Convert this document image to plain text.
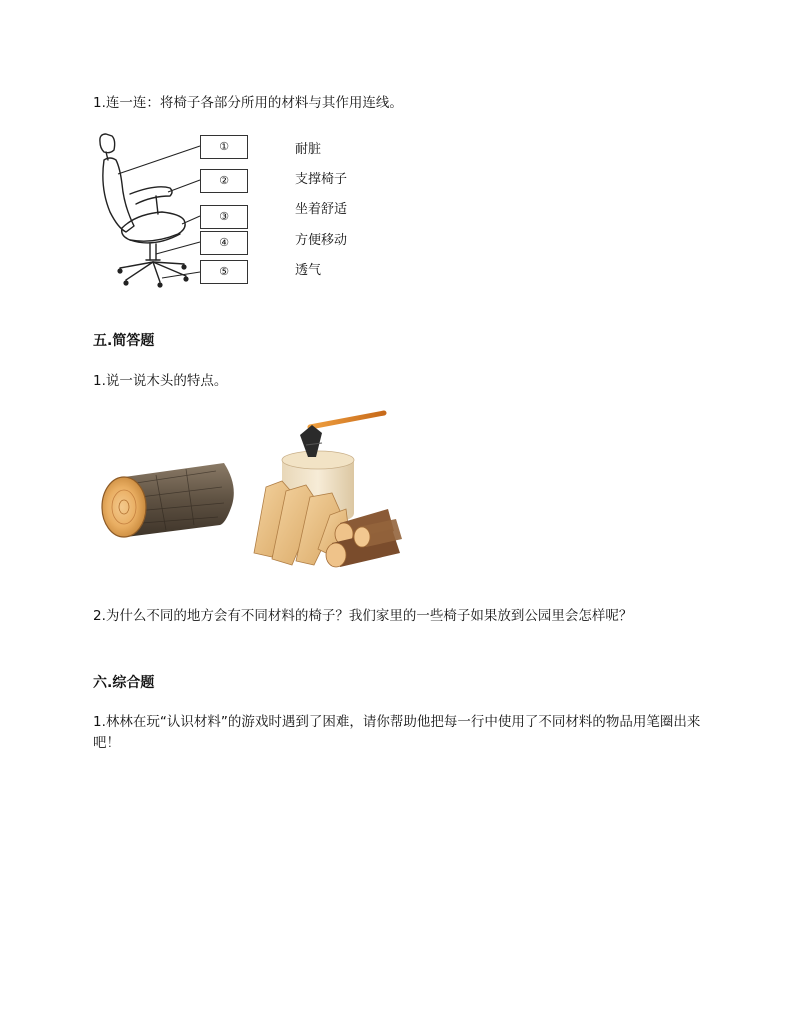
1.连一连：将椅子各部分所用的材料与其作用连线。
①
②
③
④
⑤
耐脏
支撑椅子
坐着舒适
方便移动
透气
五.简答题
1.说一说木头的特点。
2.为什么不同的地方会有不同材料的椅子？我们家里的一些椅子如果放到公园里会怎样呢？
六.综合题
1.林林在玩“认识材料”的游戏时遇到了困难，请你帮助他把每一行中使用了不同材料的物品用笔圈出来吧！
